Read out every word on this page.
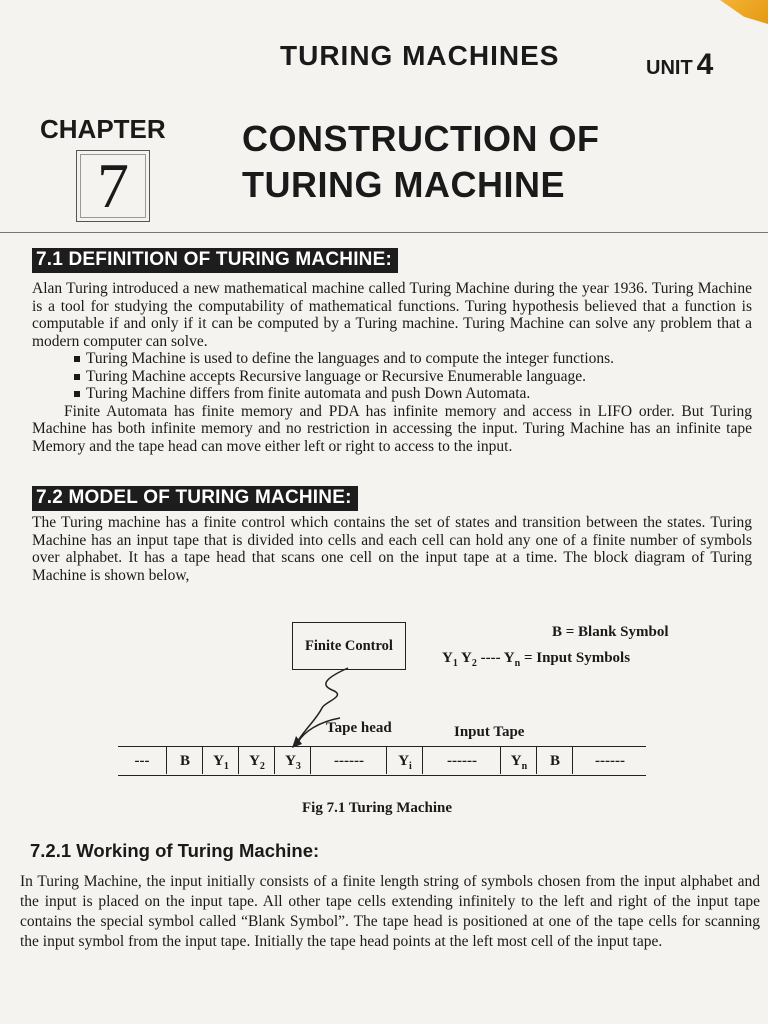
TURING MACHINES	UNIT 4
CHAPTER
7
CONSTRUCTION OF
TURING MACHINE
7.1 DEFINITION OF TURING MACHINE:

Alan Turing introduced a new mathematical machine called Turing Machine during the year 1936. Turing Machine is a tool for studying the computability of mathematical functions. Turing hypothesis believed that a function is computable if and only if it can be computed by a Turing machine. Turing Machine can solve any problem that a modern computer can solve.

Turing Machine is used to define the languages and to compute the integer functions.
Turing Machine accepts Recursive language or Recursive Enumerable language.
Turing Machine differs from finite automata and push Down Automata.

Finite Automata has finite memory and PDA has infinite memory and access in LIFO order. But Turing Machine has both infinite memory and no restriction in accessing the input. Turing Machine has an infinite tape Memory and the tape head can move either left or right to access to the input.

7.2 MODEL OF TURING MACHINE:
The Turing machine has a finite control which contains the set of states and transition between the states. Turing Machine has an input tape that is divided into cells and each cell can hold any one of a finite number of symbols over alphabet. It has a tape head that scans one cell on the input tape at a time. The block diagram of Turing Machine is shown below,
Finite Control
B = Blank Symbol
$Y_1$ $Y_2$ ---- $Y_n$ = Input Symbols
Tape head	Input Tape
---	B	$Y_1$	$Y_2$	$Y_3$	------	$Y_i$	------	$Y_n$	B	------
Fig 7.1 Turing Machine
7.2.1 Working of Turing Machine:
In Turing Machine, the input initially consists of a finite length string of symbols chosen from the input alphabet and the input is placed on the input tape. All other tape cells extending infinitely to the left and right of the input tape contains the special symbol called “Blank Symbol”. The tape head is positioned at one of the tape cells for scanning the input symbol from the input tape. Initially the tape head points at the left most cell of the input tape.
